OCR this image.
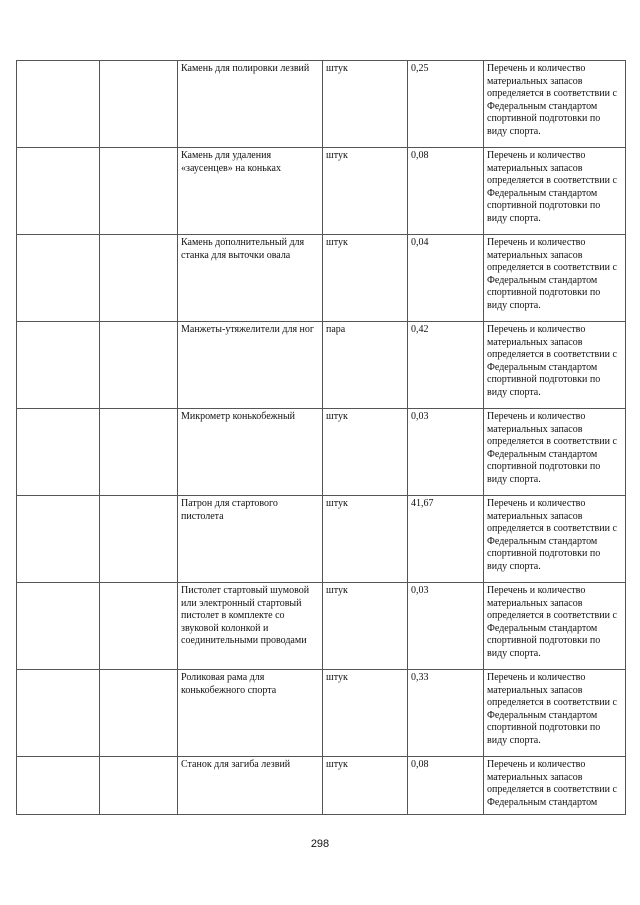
		Камень для полировки лезвий	штук	0,25	Перечень и количество материальных запасов определяется в соответствии с Федеральным стандартом спортивной подготовки по виду спорта.
		Камень для удаления «заусенцев» на коньках	штук	0,08	Перечень и количество материальных запасов определяется в соответствии с Федеральным стандартом спортивной подготовки по виду спорта.
		Камень дополнительный для станка для выточки овала	штук	0,04	Перечень и количество материальных запасов определяется в соответствии с Федеральным стандартом спортивной подготовки по виду спорта.
		Манжеты-утяжелители для ног	пара	0,42	Перечень и количество материальных запасов определяется в соответствии с Федеральным стандартом спортивной подготовки по виду спорта.
		Микрометр конькобежный	штук	0,03	Перечень и количество материальных запасов определяется в соответствии с Федеральным стандартом спортивной подготовки по виду спорта.
		Патрон для стартового пистолета	штук	41,67	Перечень и количество материальных запасов определяется в соответствии с Федеральным стандартом спортивной подготовки по виду спорта.
		Пистолет стартовый шумовой или электронный стартовый пистолет в комплекте со звуковой колонкой и соединительными проводами	штук	0,03	Перечень и количество материальных запасов определяется в соответствии с Федеральным стандартом спортивной подготовки по виду спорта.
		Роликовая рама для конькобежного спорта	штук	0,33	Перечень и количество материальных запасов определяется в соответствии с Федеральным стандартом спортивной подготовки по виду спорта.
		Станок для загиба лезвий	штук	0,08	Перечень и количество материальных запасов определяется в соответствии с Федеральным стандартом
298
